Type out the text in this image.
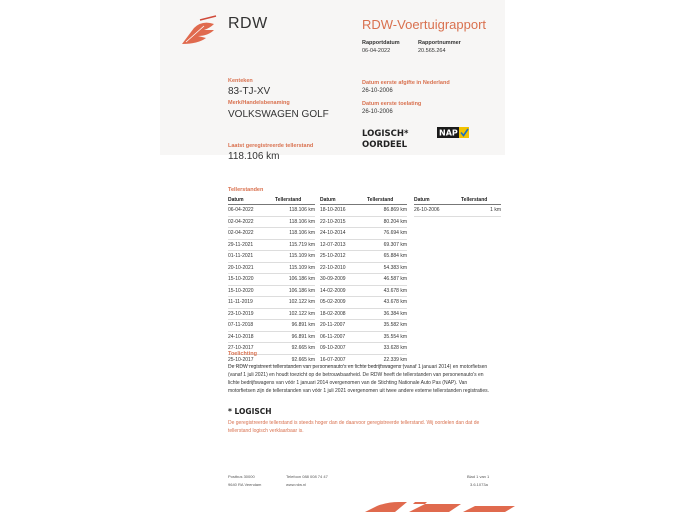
RDW	RDW-Voertuigrapport
Rapportdatum
06-04-2022
Rapportnummer
20.565.264
Kenteken
83-TJ-XV
Merk/Handelsbenaming
VOLKSWAGEN GOLF
Laatst geregistreerde tellerstand
118.106 km
Datum eerste afgifte in Nederland
26-10-2006
Datum eerste toelating
26-10-2006
LOGISCH*
OORDEEL
NAP
Tellerstanden
Datum	Tellerstand
06-04-2022	118.106 km
02-04-2022	118.106 km
02-04-2022	118.106 km
29-11-2021	115.719 km
01-11-2021	115.109 km
20-10-2021	115.109 km
15-10-2020	106.186 km
15-10-2020	106.186 km
11-11-2019	102.122 km
23-10-2019	102.122 km
07-11-2018	96.891 km
24-10-2018	96.891 km
27-10-2017	92.665 km
25-10-2017	92.665 km
Datum	Tellerstand
18-10-2016	86.869 km
22-10-2015	80.204 km
24-10-2014	76.694 km
12-07-2013	69.307 km
25-10-2012	65.884 km
22-10-2010	54.383 km
30-09-2009	46.587 km
14-02-2009	43.678 km
05-02-2009	43.678 km
18-02-2008	36.384 km
20-11-2007	35.582 km
06-11-2007	35.554 km
09-10-2007	33.628 km
16-07-2007	22.339 km
Datum	Tellerstand
26-10-2006	1 km
Toelichting
De RDW registreert tellerstanden van personenauto's en lichte bedrijfswagens (vanaf 1 januari 2014) en motorfietsen (vanaf 1 juli 2021) en houdt toezicht op de betrouwbaarheid. De RDW heeft de tellerstanden van personenauto's en lichte bedrijfswagens van vóór 1 januari 2014 overgenomen van de Stichting Nationale Auto Pas (NAP). Van motorfietsen zijn de tellerstanden van vóór 1 juli 2021 overgenomen uit twee andere externe tellerstanden registraties.
* LOGISCH
De geregistreerde tellerstand is steeds hoger dan de daarvoor geregistreerde tellerstand. Wij oordelen dan dat de tellerstand logisch verklaarbaar is.
Postbus 30000
9640 RA Veendam
Telefoon 088 008 74 47
www.rdw.nl
Blad 1 van 1
3.6.1073a
